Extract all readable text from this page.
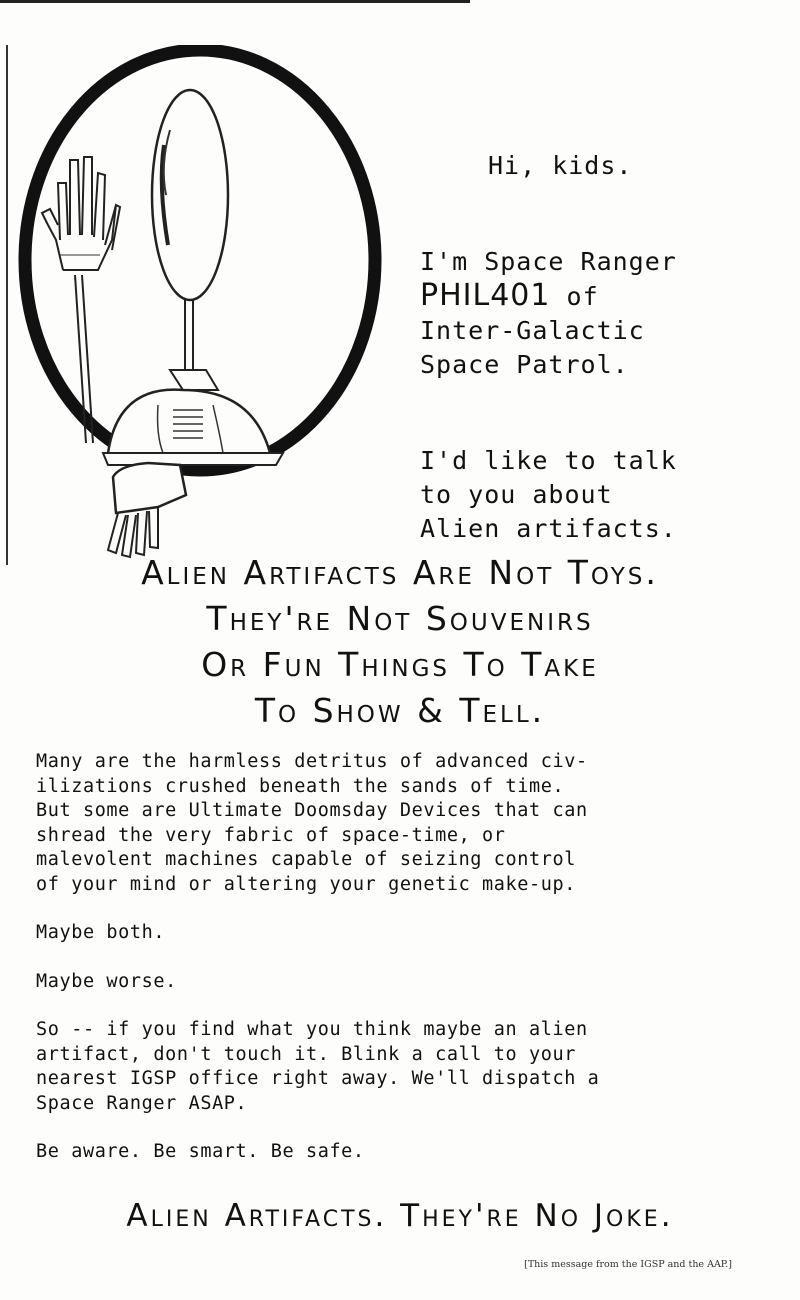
Hi, kids.

I'm Space Ranger
PHIL401 of
Inter-Galactic
Space Patrol.

I'd like to talk
to you about
Alien artifacts.

Alien Artifacts Are Not Toys.
They're Not Souvenirs
Or Fun Things To Take
To Show & Tell.

Many are the harmless detritus of advanced civ-
ilizations crushed beneath the sands of time.
But some are Ultimate Doomsday Devices that can
shread the very fabric of space-time, or
malevolent machines capable of seizing control
of your mind or altering your genetic make-up.

Maybe both.

Maybe worse.

So -- if you find what you think maybe an alien
artifact, don't touch it. Blink a call to your
nearest IGSP office right away. We'll dispatch a
Space Ranger ASAP.

Be aware. Be smart. Be safe.

Alien Artifacts. They're No Joke.
[This message from the IGSP and the AAP.]
